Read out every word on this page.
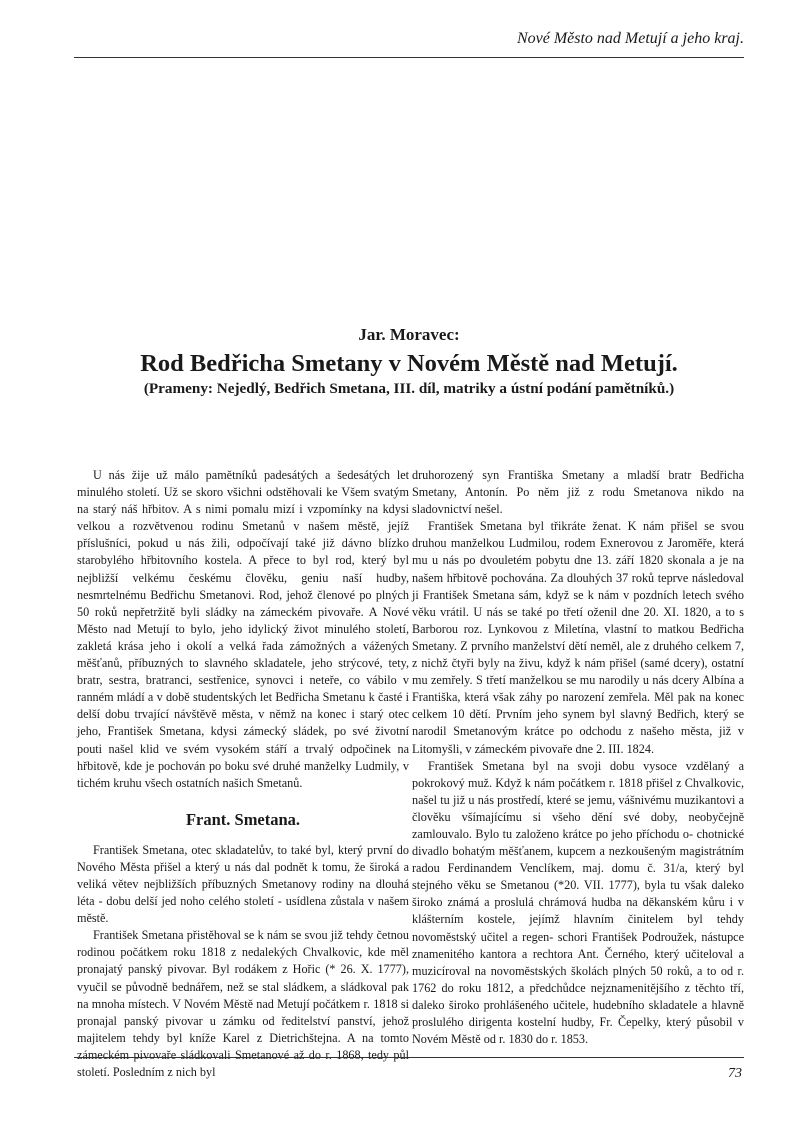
Nové Město nad Metují a jeho kraj.
Jar. Moravec:
Rod Bedřicha Smetany v Novém Městě nad Metují.
(Prameny: Nejedlý, Bedřich Smetana, III. díl, matriky a ústní podání pamětníků.)

U nás žije už málo pamětníků padesátých a šedesátých let minulého století. Už se skoro všichni odstěhovali ke Všem svatým na starý náš hřbitov. A s nimi pomalu mizí i vzpomínky na kdysi velkou a rozvětvenou rodinu Smetanů v našem městě, jejíž příslušníci, pokud u nás žili, odpočívají také již dávno blízko starobylého hřbitovního kostela. A přece to byl rod, který byl nejbližší velkému českému člověku, geniu naší hudby, nesmrtelnému Bedřichu Smetanovi. Rod, jehož členové po plných 50 roků nepřetržitě byli sládky na zámeckém pivovaře. A Nové Město nad Metují to bylo, jeho idylický život minulého století, zakletá krása jeho i okolí a velká řada zámožných a vážených měšťanů, příbuzných to slavného skladatele, jeho strýcové, tety, bratr, sestra, bratranci, sestřenice, synovci i neteře, co vábilo v ranném mládí a v době studentských let Bedřicha Smetanu k časté i delší dobu trvající návštěvě města, v němž na konec i starý otec jeho, František Smetana, kdysi zámecký sládek, po své životní pouti našel klid ve svém vysokém stáří a trvalý odpočinek na hřbitově, kde je pochován po boku své druhé manželky Ludmily, v tichém kruhu všech ostatních našich Smetanů.

Frant. Smetana.

František Smetana, otec skladatelův, to také byl, který první do Nového Města přišel a který u nás dal podnět k tomu, že široká a veliká větev nejbližších příbuzných Smetanovy rodiny na dlouhá léta - dobu delší jed noho celého století - usídlena zůstala v našem městě.

František Smetana přistěhoval se k nám se svou již tehdy četnou rodinou počátkem roku 1818 z nedalekých Chvalkovic, kde měl pronajatý panský pivovar. Byl rodákem z Hořic (* 26. X. 1777), vyučil se původně bednářem, než se stal sládkem, a sládkoval pak na mnoha místech. V Novém Městě nad Metují počátkem r. 1818 si pronajal panský pivovar u zámku od ředitelství panství, jehož majitelem tehdy byl kníže Karel z Dietrichštejna. A na tomto zámeckém pivovaře sládkovali Smetanové až do r. 1868, tedy půl století. Posledním z nich byl

druhorozený syn Františka Smetany a mladší bratr Bedřicha Smetany, Antonín. Po něm již z rodu Smetanova nikdo na sladovnictví nešel.

František Smetana byl třikráte ženat. K nám přišel se svou druhou manželkou Ludmilou, rodem Exnerovou z Jaroměře, která mu u nás po dvouletém pobytu dne 13. září 1820 skonala a je na našem hřbitově pochována. Za dlouhých 37 roků teprve následoval ji František Smetana sám, když se k nám v pozdních letech svého věku vrátil. U nás se také po třetí oženil dne 20. XI. 1820, a to s Barborou roz. Lynkovou z Miletína, vlastní to matkou Bedřicha Smetany. Z prvního manželství dětí neměl, ale z druhého celkem 7, z nichž čtyři byly na živu, když k nám přišel (samé dcery), ostatní mu zemřely. S třetí manželkou se mu narodily u nás dcery Albína a Františka, která však záhy po narození zemřela. Měl pak na konec celkem 10 dětí. Prvním jeho synem byl slavný Bedřich, který se narodil Smetanovým krátce po odchodu z našeho města, již v Litomyšli, v zámeckém pivovaře dne 2. III. 1824.

František Smetana byl na svoji dobu vysoce vzdělaný a pokrokový muž. Když k nám počátkem r. 1818 přišel z Chvalkovic, našel tu již u nás prostředí, které se jemu, vášnivému muzikantovi a člověku všímajícímu si všeho dění své doby, neobyčejně zamlouvalo. Bylo tu založeno krátce po jeho příchodu o- chotnické divadlo bohatým měšťanem, kupcem a nezkoušeným magistrátním radou Ferdinandem Venclíkem, maj. domu č. 31/a, který byl stejného věku se Smetanou (*20. VII. 1777), byla tu však daleko široko známá a proslulá chrámová hudba na děkanském kůru i v klášterním kostele, jejímž hlavním činitelem byl tehdy novoměstský učitel a regen- schori František Podroužek, nástupce znamenitého kantora a rechtora Ant. Černého, který učiteloval a muzicíroval na novoměstských školách plných 50 roků, a to od r. 1762 do roku 1812, a předchůdce nejznamenitějšího z těchto tří, daleko široko prohlášeného učitele, hudebního skladatele a hlavně proslulého dirigenta kostelní hudby, Fr. Čepelky, který působil v Novém Městě od r. 1830 do r. 1853.

73
